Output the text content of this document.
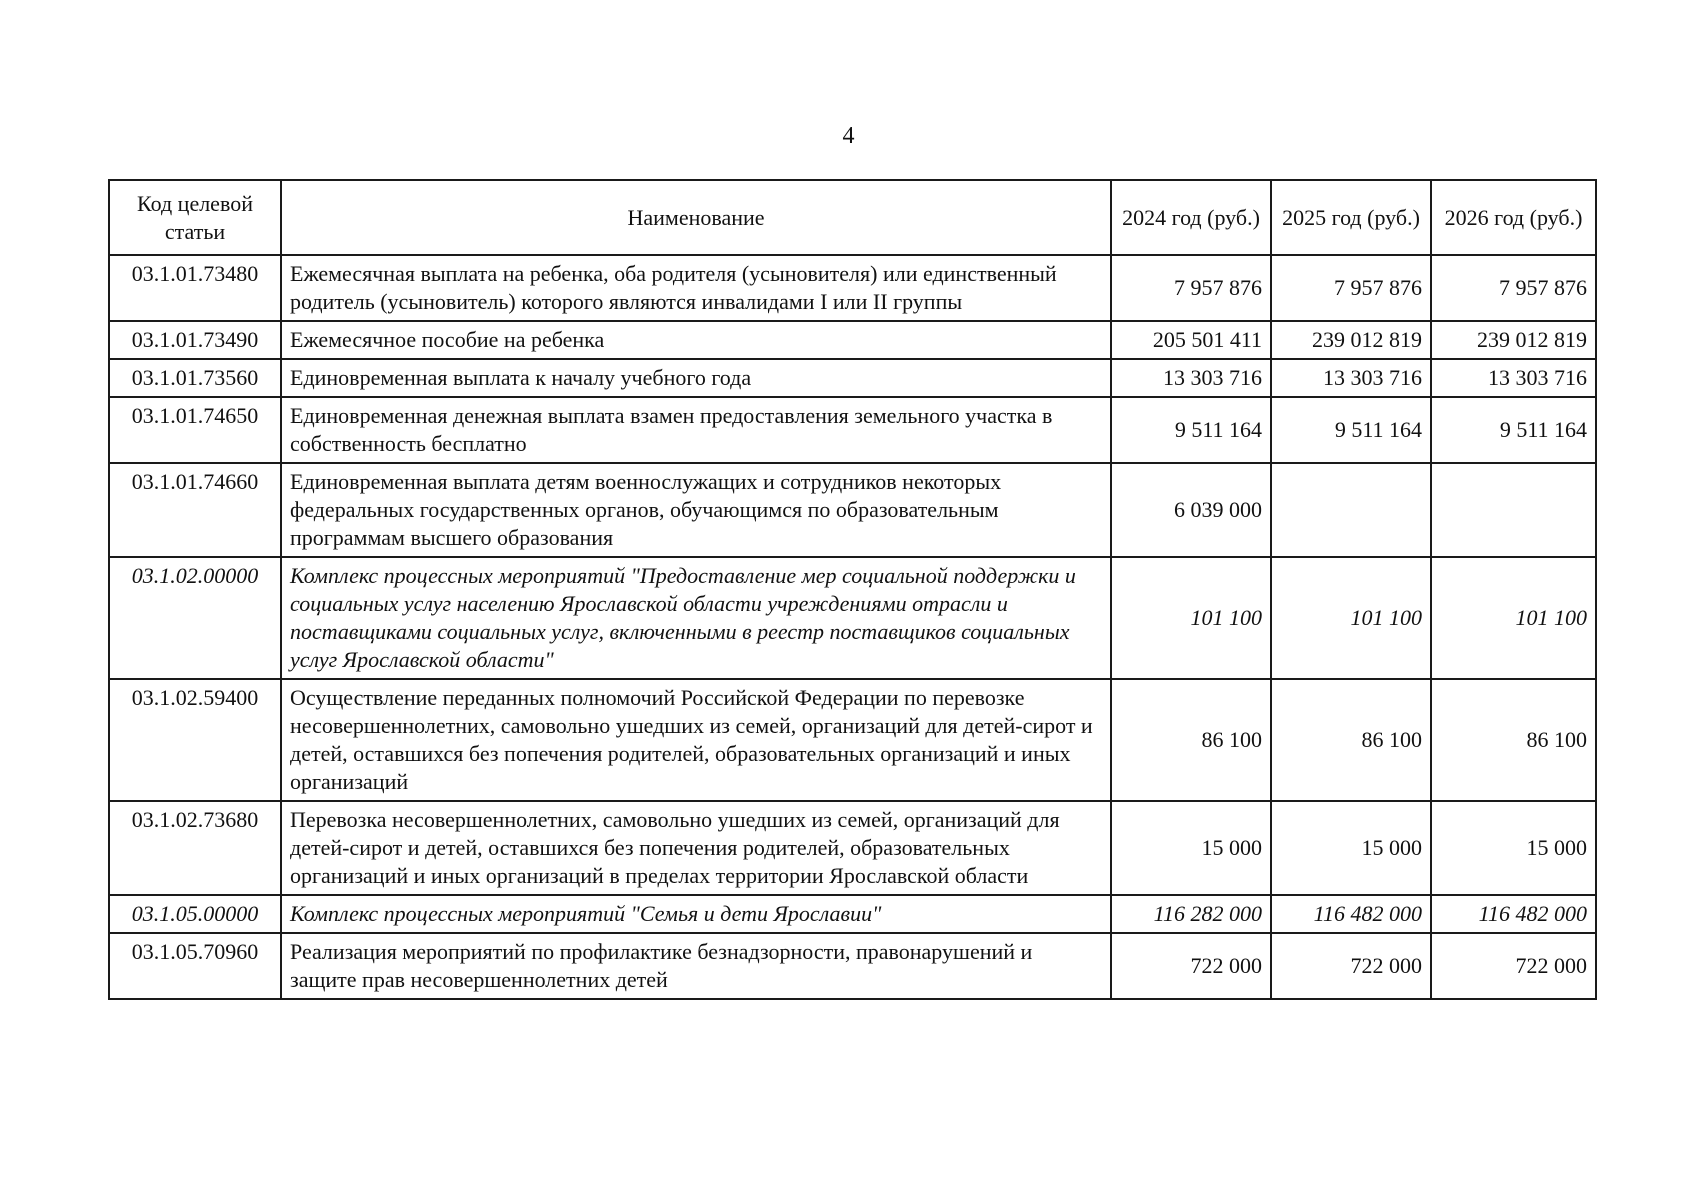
4
Код целевой статьи	Наименование	2024 год (руб.)	2025 год (руб.)	2026 год (руб.)
03.1.01.73480	Ежемесячная выплата на ребенка, оба родителя (усыновителя) или единственный родитель (усыновитель) которого являются инвалидами I или II группы	7 957 876	7 957 876	7 957 876
03.1.01.73490	Ежемесячное пособие на ребенка	205 501 411	239 012 819	239 012 819
03.1.01.73560	Единовременная выплата к началу учебного года	13 303 716	13 303 716	13 303 716
03.1.01.74650	Единовременная денежная выплата взамен предоставления земельного участка в собственность бесплатно	9 511 164	9 511 164	9 511 164
03.1.01.74660	Единовременная выплата детям военнослужащих и сотрудников некоторых федеральных государственных органов, обучающимся по образовательным программам высшего образования	6 039 000		
03.1.02.00000	Комплекс процессных мероприятий "Предоставление мер социальной поддержки и социальных услуг населению Ярославской области учреждениями отрасли и поставщиками социальных услуг, включенными в реестр поставщиков социальных услуг Ярославской области"	101 100	101 100	101 100
03.1.02.59400	Осуществление переданных полномочий Российской Федерации по перевозке несовершеннолетних, самовольно ушедших из семей, организаций для детей-сирот и детей, оставшихся без попечения родителей, образовательных организаций и иных организаций	86 100	86 100	86 100
03.1.02.73680	Перевозка несовершеннолетних, самовольно ушедших из семей, организаций для детей-сирот и детей, оставшихся без попечения родителей, образовательных организаций и иных организаций в пределах территории Ярославской области	15 000	15 000	15 000
03.1.05.00000	Комплекс процессных мероприятий "Семья и дети Ярославии"	116 282 000	116 482 000	116 482 000
03.1.05.70960	Реализация мероприятий по профилактике безнадзорности, правонарушений и защите прав несовершеннолетних детей	722 000	722 000	722 000
